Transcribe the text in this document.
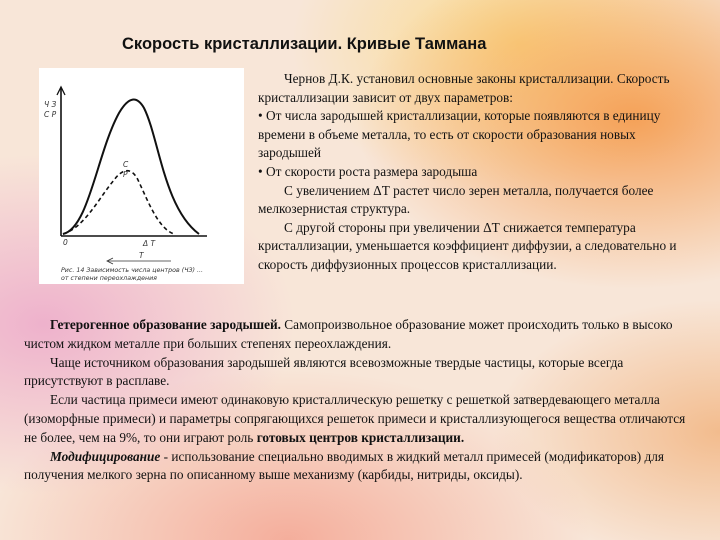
Скорость кристаллизации. Кривые Таммана
Ч З
С Р
С
Р
0	Δ Т
Т
Рис. 14 Зависимость числа центров (ЧЗ) ...
от степени переохлаждения

Чернов Д.К. установил основные законы кристаллизации. Скорость кристаллизации зависит от двух параметров:

• От числа зародышей кристаллизации, которые появляются в единицу времени в объеме металла, то есть от скорости образования новых зародышей

• От скорости роста размера зародыша

С увеличением ΔТ растет число зерен металла, получается более мелкозернистая структура.

С другой стороны при увеличении ΔТ снижается температура кристаллизации, уменьшается коэффициент диффузии, а следовательно и скорость диффузионных процессов кристаллизации.

Гетерогенное образование зародышей. Самопроизвольное образование может происходить только в высоко чистом жидком металле при больших степенях переохлаждения.

Чаще источником образования зародышей являются всевозможные твердые частицы, которые всегда присутствуют в расплаве.

Если частица примеси имеют одинаковую кристаллическую решетку с решеткой затвердевающего металла (изоморфные примеси) и параметры сопрягающихся решеток примеси и кристаллизующегося вещества отличаются не более, чем на 9%, то они играют роль готовых центров кристаллизации.

Модифицирование - использование специально вводимых в жидкий металл примесей (модификаторов) для получения мелкого зерна по описанному выше механизму (карбиды, нитриды, оксиды).
